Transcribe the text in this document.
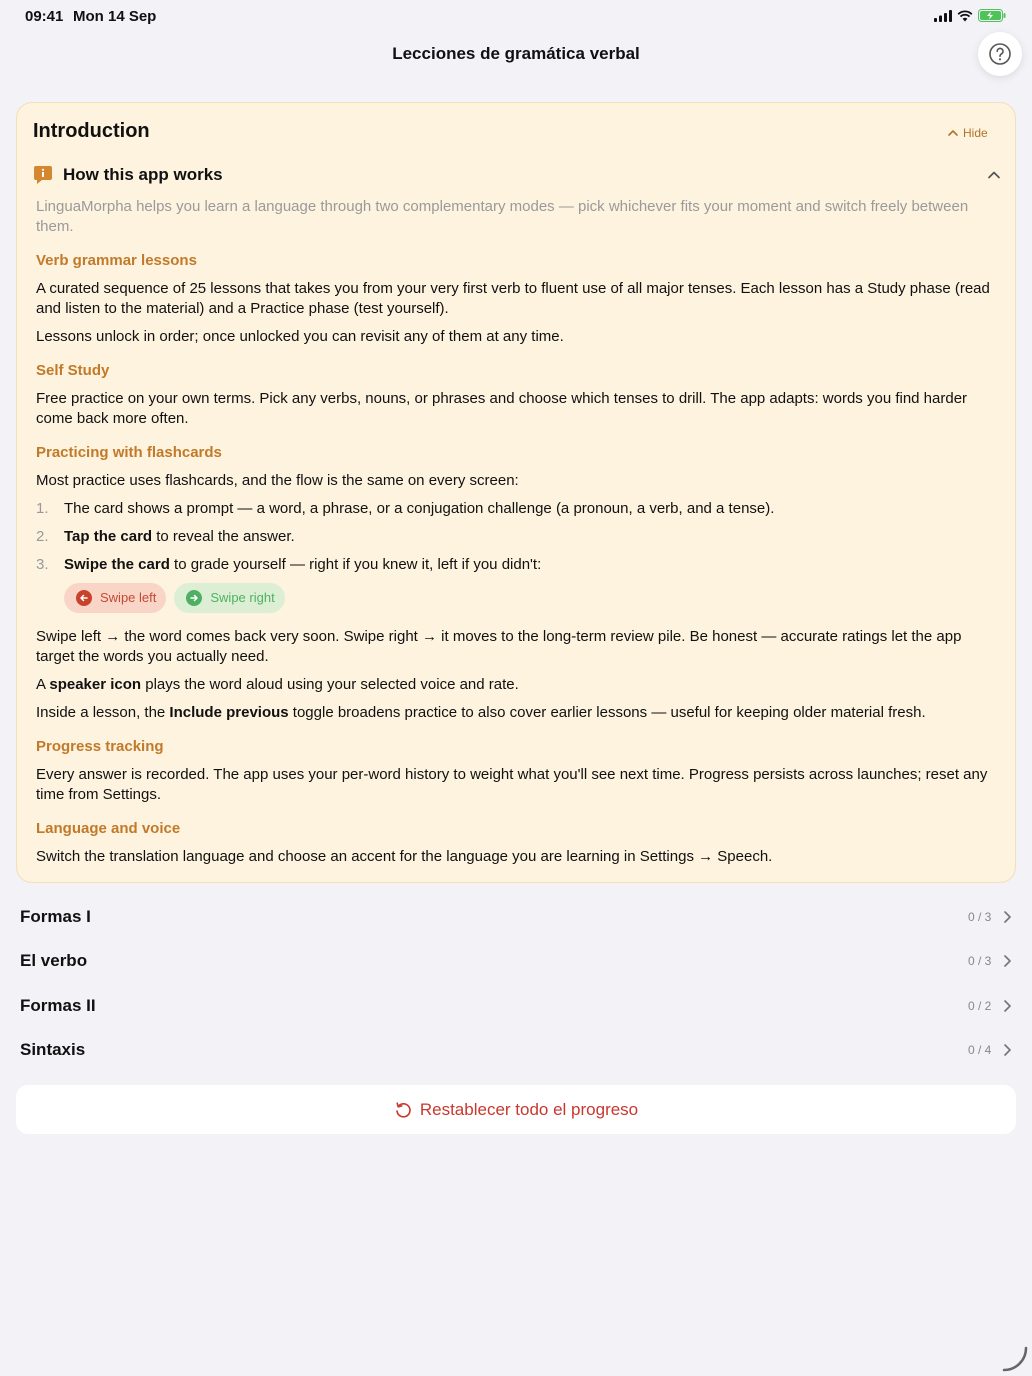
09:41 Mon 14 Sep
Lecciones de gramática verbal
Introduction	Hide
How this app works

LinguaMorpha helps you learn a language through two complementary modes — pick whichever fits your moment and switch freely between them.

Verb grammar lessons

A curated sequence of 25 lessons that takes you from your very first verb to fluent use of all major tenses. Each lesson has a Study phase (read and listen to the material) and a Practice phase (test yourself).

Lessons unlock in order; once unlocked you can revisit any of them at any time.

Self Study

Free practice on your own terms. Pick any verbs, nouns, or phrases and choose which tenses to drill. The app adapts: words you find harder come back more often.

Practicing with flashcards

Most practice uses flashcards, and the flow is the same on every screen:

1.	The card shows a prompt — a word, a phrase, or a conjugation challenge (a pronoun, a verb, and a tense).
2.	Tap the card to reveal the answer.
3.	Swipe the card to grade yourself — right if you knew it, left if you didn't:
Swipe left	Swipe right

Swipe left → the word comes back very soon. Swipe right → it moves to the long-term review pile. Be honest — accurate ratings let the app target the words you actually need.

A speaker icon plays the word aloud using your selected voice and rate.

Inside a lesson, the Include previous toggle broadens practice to also cover earlier lessons — useful for keeping older material fresh.

Progress tracking

Every answer is recorded. The app uses your per-word history to weight what you'll see next time. Progress persists across launches; reset any time from Settings.

Language and voice

Switch the translation language and choose an accent for the language you are learning in Settings → Speech.

Formas I	0 / 3
El verbo	0 / 3
Formas II	0 / 2
Sintaxis	0 / 4
Restablecer todo el progreso
